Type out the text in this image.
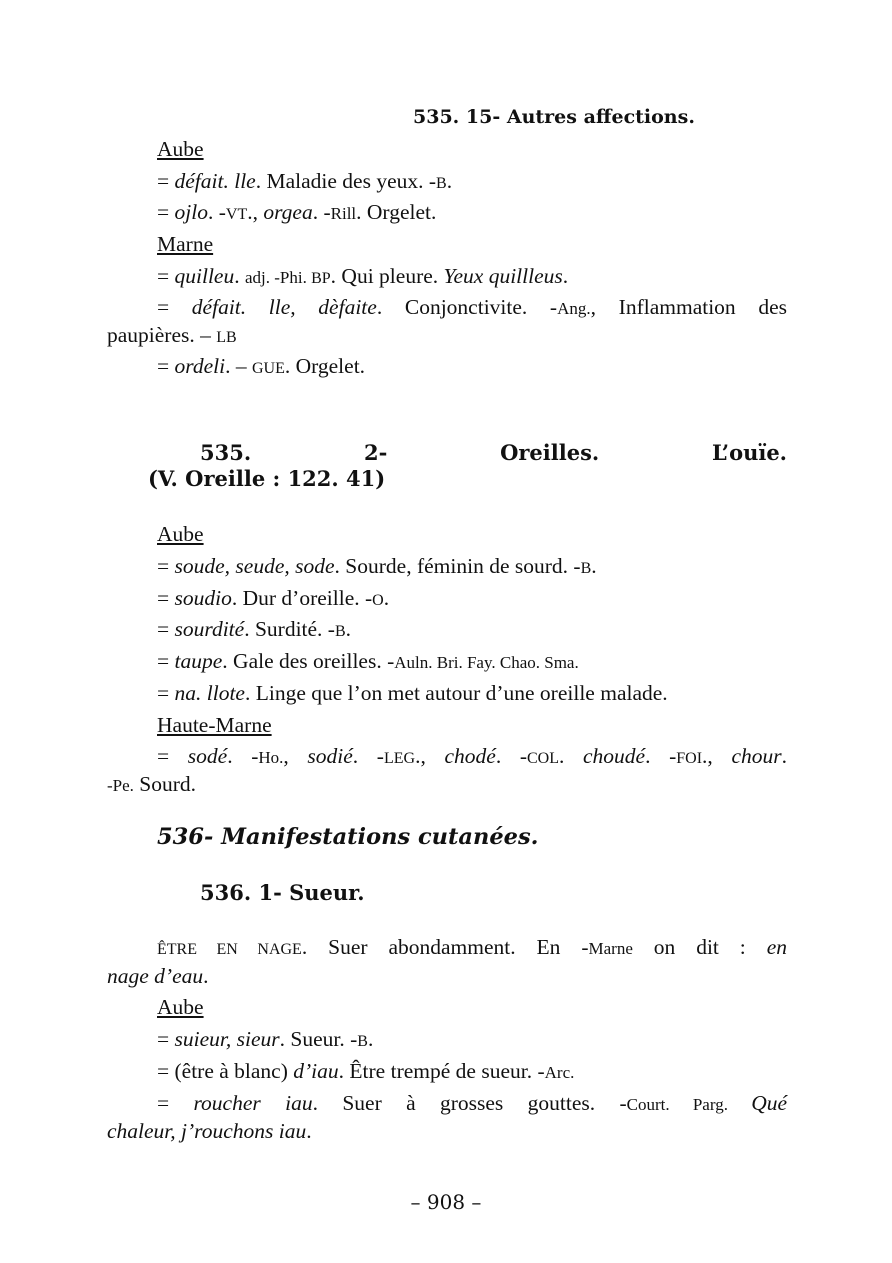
535. 15- Autres affections.
Aube
= défait. lle. Maladie des yeux. -B.
= ojlo. -VT., orgea. -Rill. Orgelet.
Marne
= quilleu. adj. -Phi. BP. Qui pleure. Yeux quillleus.
= défait. lle, dèfaite. Conjonctivite. -Ang., Inflammation des
paupières. – LB
= ordeli. – GUE. Orgelet.
535.	2-	Oreilles.	L’ouïe.
(V. Oreille : 122. 41)
Aube
= soude, seude, sode. Sourde, féminin de sourd. -B.
= soudio. Dur d’oreille. -O.
= sourdité. Surdité. -B.
= taupe. Gale des oreilles. -Auln. Bri. Fay. Chao. Sma.
= na. llote. Linge que l’on met autour d’une oreille malade.
Haute-Marne
= sodé. -Ho., sodié. -LEG., chodé. -COL. choudé. -FOI., chour.
-Pe. Sourd.
536- Manifestations cutanées.
536. 1- Sueur.
ÊTRE EN NAGE. Suer abondamment. En -Marne on dit : en
nage d’eau.
Aube
= suieur, sieur. Sueur. -B.
= (être à blanc) d’iau. Être trempé de sueur. -Arc.
= roucher iau. Suer à grosses gouttes. -Court. Parg. Qué
chaleur, j’rouchons iau.
– 908 –
